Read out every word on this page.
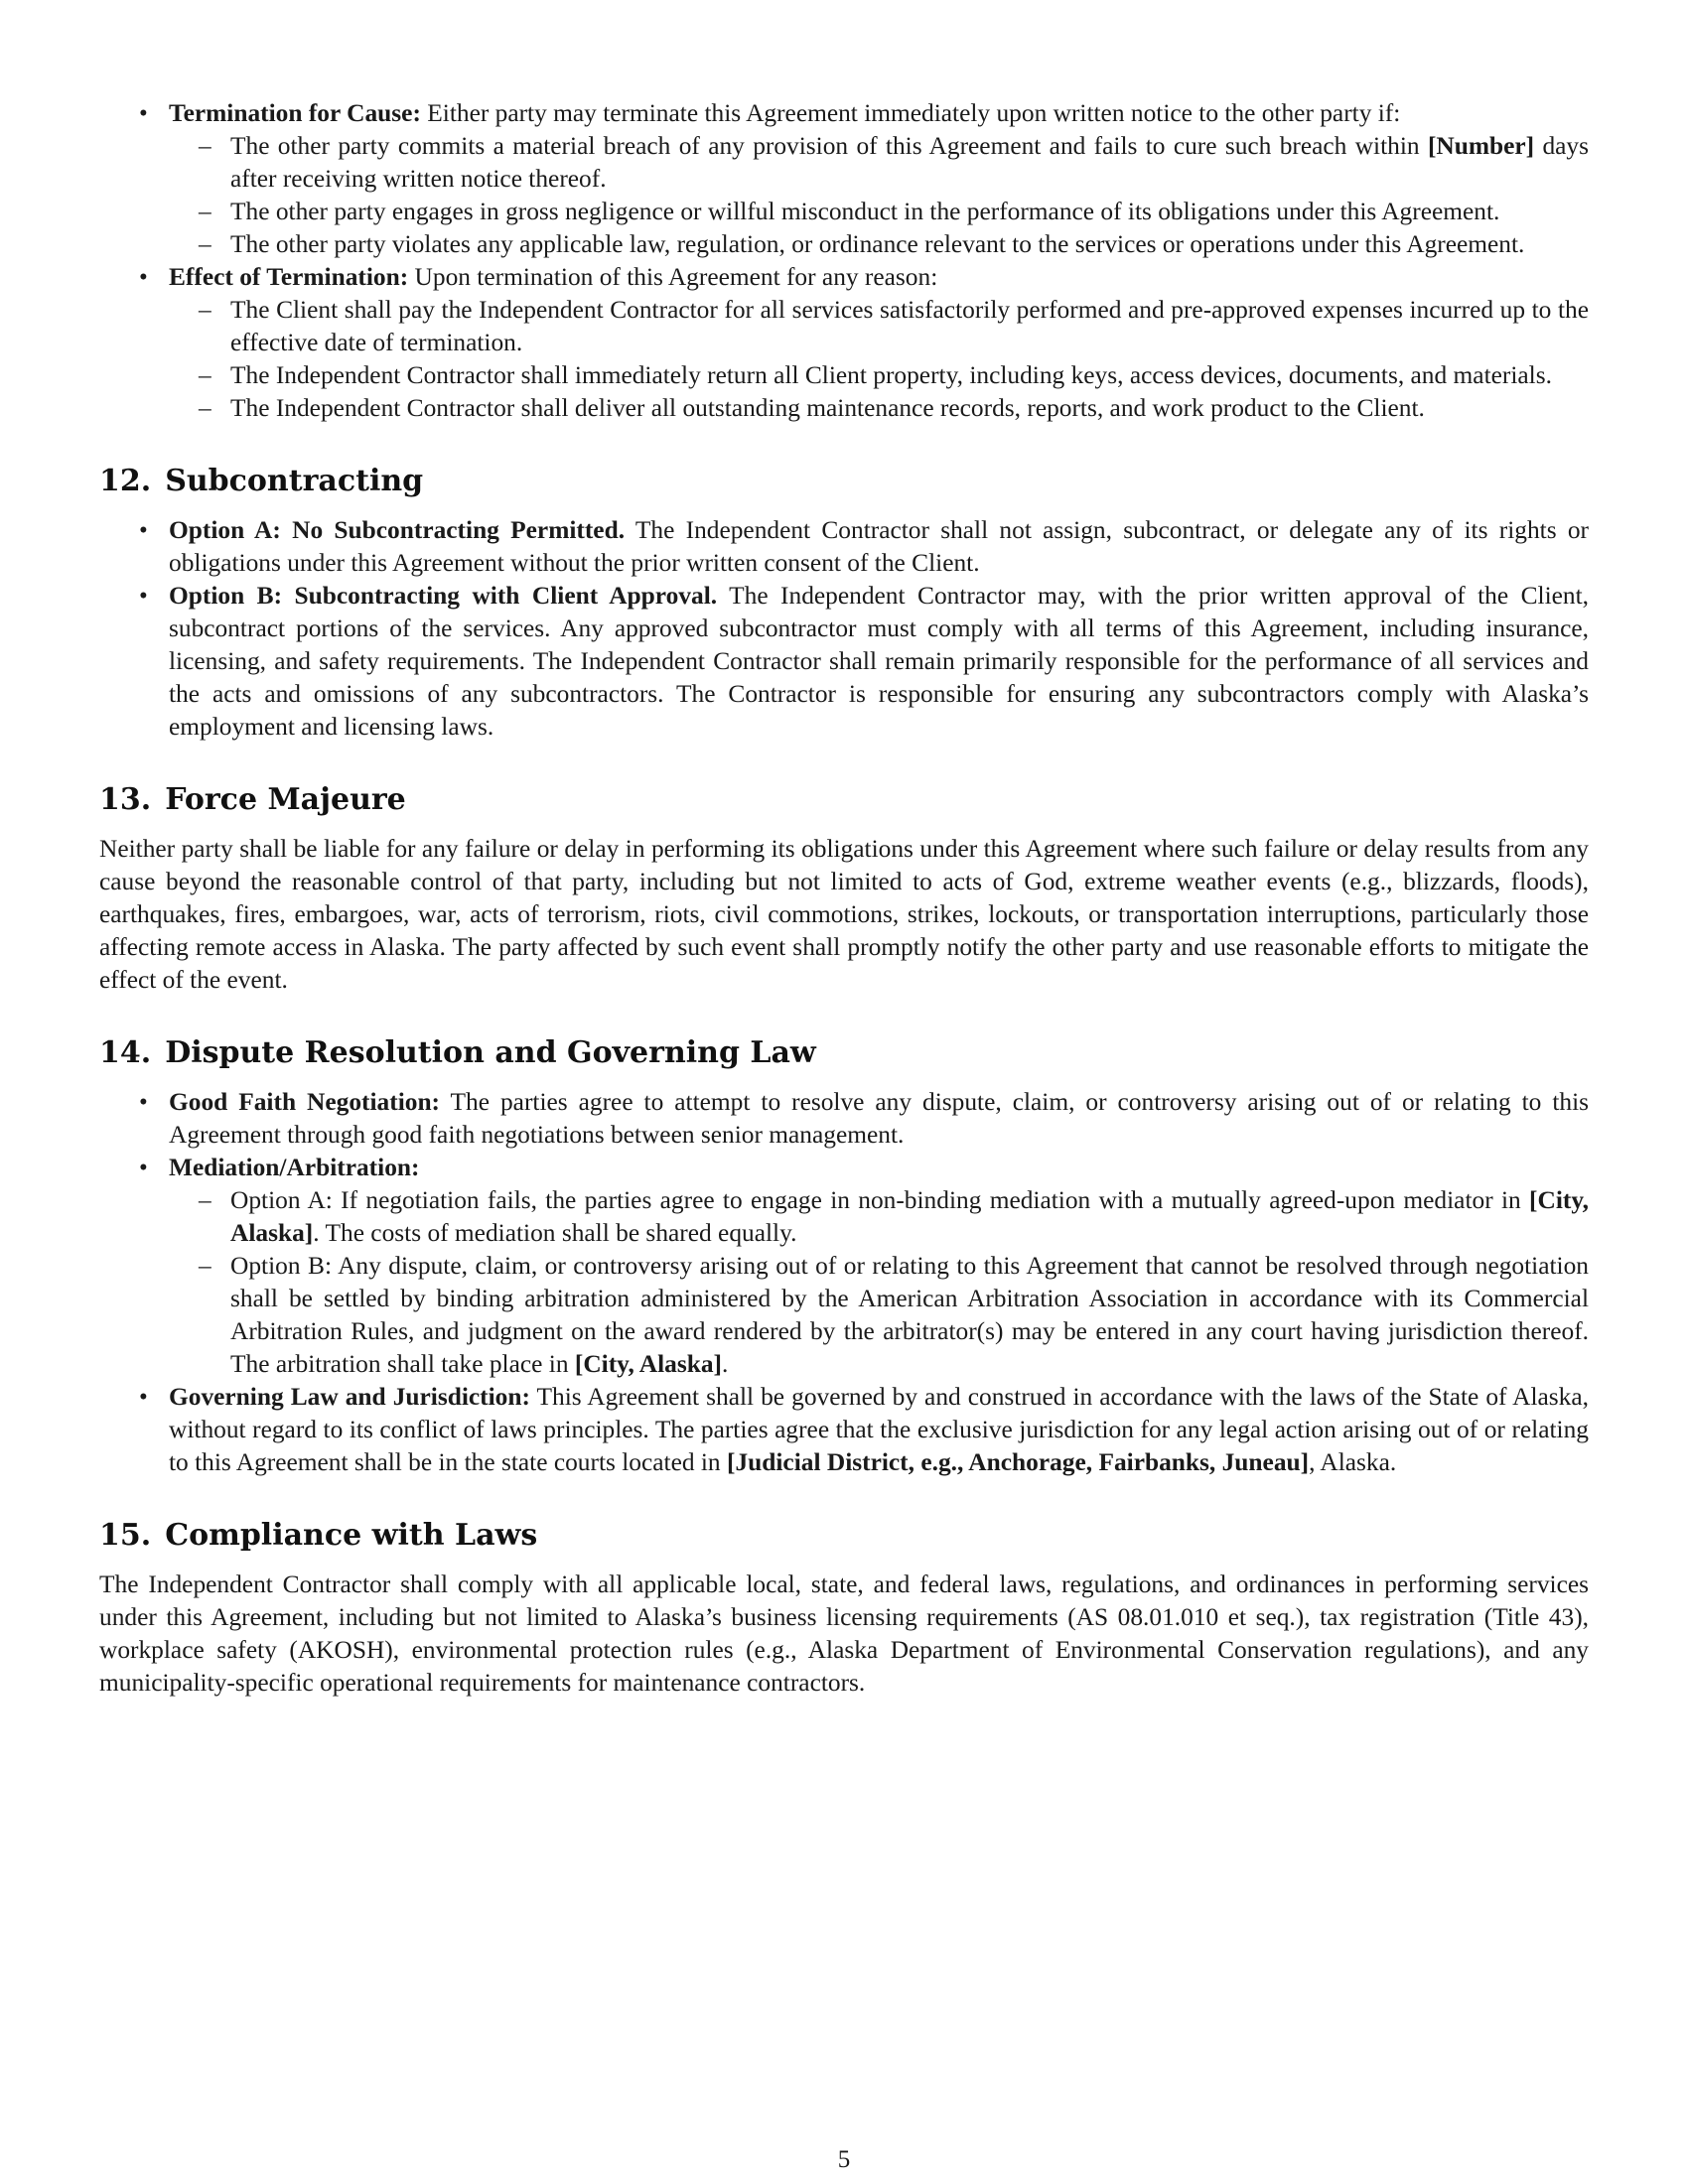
• Termination for Cause: Either party may terminate this Agreement immediately upon written notice to the other party if:
– The other party commits a material breach of any provision of this Agreement and fails to cure such breach within [Number] days after receiving written notice thereof.
– The other party engages in gross negligence or willful misconduct in the performance of its obligations under this Agreement.
– The other party violates any applicable law, regulation, or ordinance relevant to the services or operations under this Agreement.
• Effect of Termination: Upon termination of this Agreement for any reason:
– The Client shall pay the Independent Contractor for all services satisfactorily performed and pre-approved expenses incurred up to the effective date of termination.
– The Independent Contractor shall immediately return all Client property, including keys, access devices, documents, and materials.
– The Independent Contractor shall deliver all outstanding maintenance records, reports, and work product to the Client.
12. Subcontracting
• Option A: No Subcontracting Permitted. The Independent Contractor shall not assign, subcontract, or delegate any of its rights or obligations under this Agreement without the prior written consent of the Client.
• Option B: Subcontracting with Client Approval. The Independent Contractor may, with the prior written approval of the Client, subcontract portions of the services. Any approved subcontractor must comply with all terms of this Agreement, including insurance, licensing, and safety requirements. The Independent Contractor shall remain primarily responsible for the performance of all services and the acts and omissions of any subcontractors. The Contractor is responsible for ensuring any subcontractors comply with Alaska’s employment and licensing laws.
13. Force Majeure

Neither party shall be liable for any failure or delay in performing its obligations under this Agreement where such failure or delay results from any cause beyond the reasonable control of that party, including but not limited to acts of God, extreme weather events (e.g., blizzards, floods), earthquakes, fires, embargoes, war, acts of terrorism, riots, civil commotions, strikes, lockouts, or transportation interruptions, particularly those affecting remote access in Alaska. The party affected by such event shall promptly notify the other party and use reasonable efforts to mitigate the effect of the event.

14. Dispute Resolution and Governing Law
• Good Faith Negotiation: The parties agree to attempt to resolve any dispute, claim, or controversy arising out of or relating to this Agreement through good faith negotiations between senior management.
• Mediation/Arbitration:
– Option A: If negotiation fails, the parties agree to engage in non-binding mediation with a mutually agreed-upon mediator in [City, Alaska]. The costs of mediation shall be shared equally.
– Option B: Any dispute, claim, or controversy arising out of or relating to this Agreement that cannot be resolved through negotiation shall be settled by binding arbitration administered by the American Arbitration Association in accordance with its Commercial Arbitration Rules, and judgment on the award rendered by the arbitrator(s) may be entered in any court having jurisdiction thereof. The arbitration shall take place in [City, Alaska].
• Governing Law and Jurisdiction: This Agreement shall be governed by and construed in accordance with the laws of the State of Alaska, without regard to its conflict of laws principles. The parties agree that the exclusive jurisdiction for any legal action arising out of or relating to this Agreement shall be in the state courts located in [Judicial District, e.g., Anchorage, Fairbanks, Juneau], Alaska.
15. Compliance with Laws

The Independent Contractor shall comply with all applicable local, state, and federal laws, regulations, and ordinances in performing services under this Agreement, including but not limited to Alaska’s business licensing requirements (AS 08.01.010 et seq.), tax registration (Title 43), workplace safety (AKOSH), environmental protection rules (e.g., Alaska Department of Environmental Conservation regulations), and any municipality-specific operational requirements for maintenance contractors.

5
